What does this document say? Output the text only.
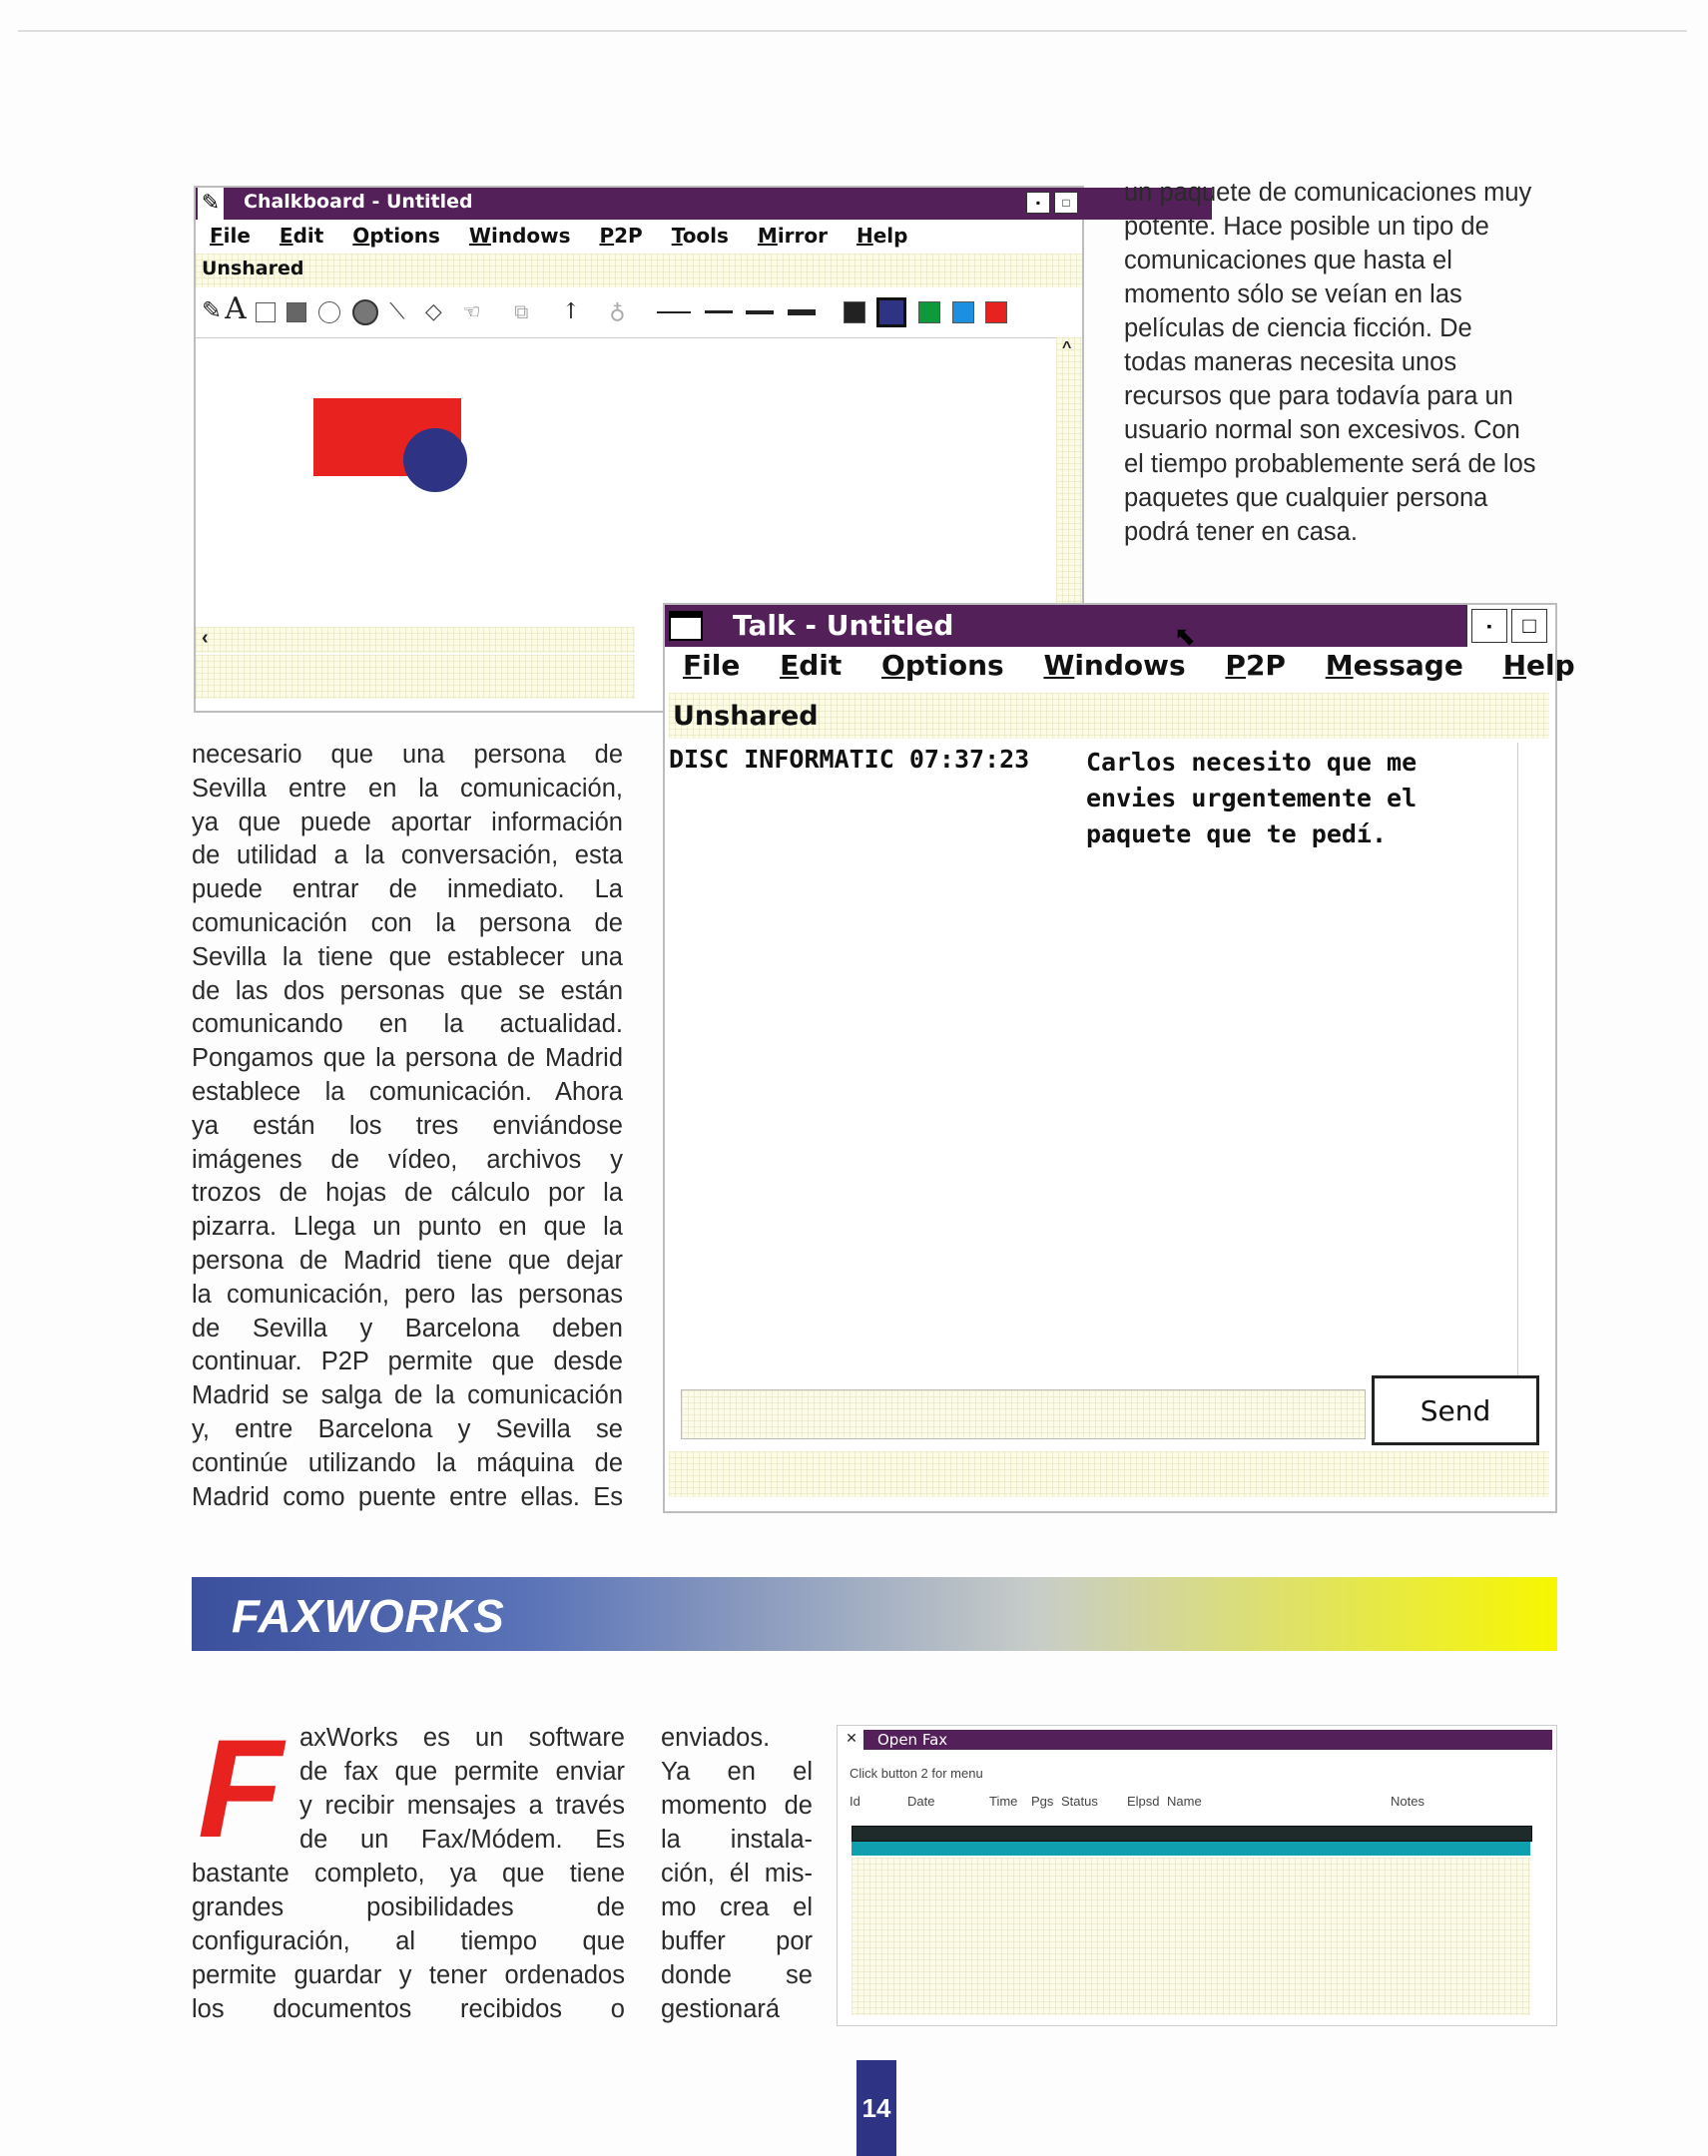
✎ Chalkboard - Untitled	▪	□
File Edit Options Windows P2P Tools Mirror Help
Unshared
✎ A	⟍ ◇ ☜ ⧉ ↑ ♁
^
‹
un paquete de comunicaciones muy
potente. Hace posible un tipo de
comunicaciones que hasta el
momento sólo se veían en las
películas de ciencia ficción. De
todas maneras necesita unos
recursos que para todavía para un
usuario normal son excesivos. Con
el tiempo probablemente será de los
paquetes que cualquier persona
podrá tener en casa.
necesario que una persona de
Sevilla entre en la comunicación,
ya que puede aportar información
de utilidad a la conversación, esta
puede entrar de inmediato. La
comunicación con la persona de
Sevilla la tiene que establecer una
de las dos personas que se están
comunicando en la actualidad.
Pongamos que la persona de Madrid
establece la comunicación. Ahora
ya están los tres enviándose
imágenes de vídeo, archivos y
trozos de hojas de cálculo por la
pizarra. Llega un punto en que la
persona de Madrid tiene que dejar
la comunicación, pero las personas
de Sevilla y Barcelona deben
continuar. P2P permite que desde
Madrid se salga de la comunicación
y, entre Barcelona y Sevilla se
continúe utilizando la máquina de
Madrid como puente entre ellas. Es
Talk - Untitled	▪	□
⬉
File Edit Options Windows P2P Message Help
Unshared
DISC INFORMATIC 07:37:23 Carlos necesito que me
envies urgentemente el
paquete que te pedí.
Send
FAXWORKS
F axWorks es un software
de fax que permite enviar
y recibir mensajes a través
de un Fax/Módem. Es
bastante completo, ya que tiene
grandes posibilidades de
configuración, al tiempo que
permite guardar y tener ordenados
los documentos recibidos o
enviados.
Ya en el
momento de
la instala-
ción, él mis-
mo crea el
buffer por
donde se
gestionará
✕ Open Fax
Click button 2 for menu
Id	Date	Time Pgs Status Elpsd Name	Notes
14
